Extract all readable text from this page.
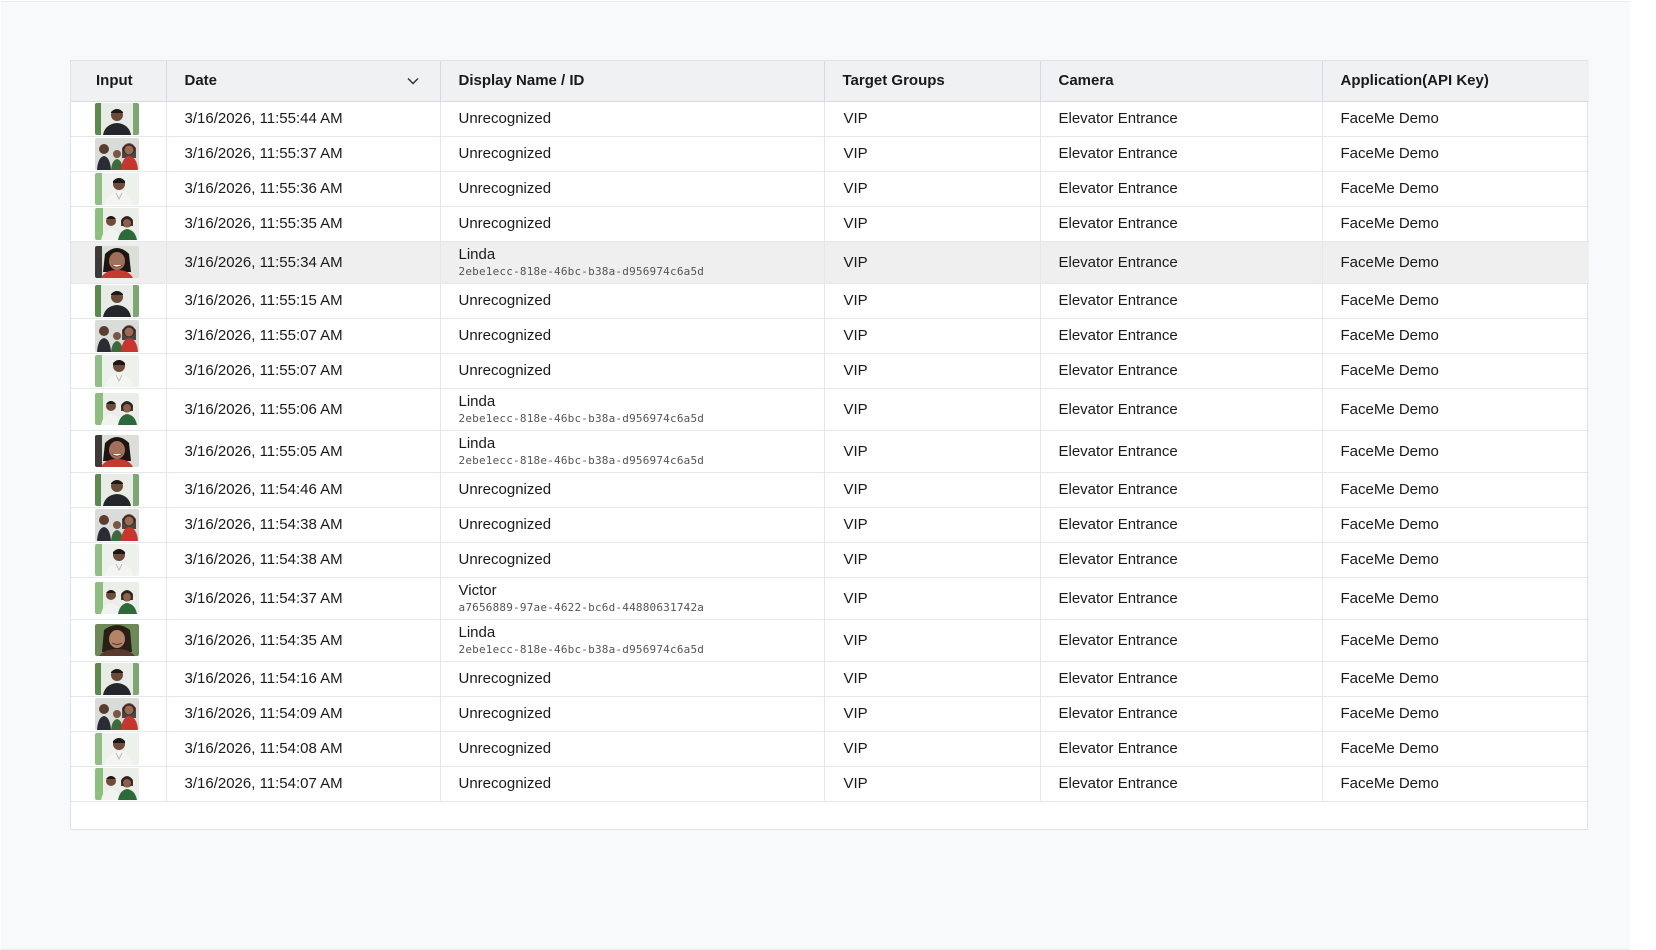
Input	Date	Display Name / ID	Target Groups	Camera	Application(API Key)

	3/16/2026, 11:55:44 AM	Unrecognized	VIP	Elevator Entrance	FaceMe Demo

	3/16/2026, 11:55:37 AM	Unrecognized	VIP	Elevator Entrance	FaceMe Demo

	3/16/2026, 11:55:36 AM	Unrecognized	VIP	Elevator Entrance	FaceMe Demo

	3/16/2026, 11:55:35 AM	Unrecognized	VIP	Elevator Entrance	FaceMe Demo

	3/16/2026, 11:55:34 AM	Linda
2ebe1ecc-818e-46bc-b38a-d956974c6a5d	VIP	Elevator Entrance	FaceMe Demo

	3/16/2026, 11:55:15 AM	Unrecognized	VIP	Elevator Entrance	FaceMe Demo

	3/16/2026, 11:55:07 AM	Unrecognized	VIP	Elevator Entrance	FaceMe Demo

	3/16/2026, 11:55:07 AM	Unrecognized	VIP	Elevator Entrance	FaceMe Demo

	3/16/2026, 11:55:06 AM	Linda
2ebe1ecc-818e-46bc-b38a-d956974c6a5d	VIP	Elevator Entrance	FaceMe Demo

	3/16/2026, 11:55:05 AM	Linda
2ebe1ecc-818e-46bc-b38a-d956974c6a5d	VIP	Elevator Entrance	FaceMe Demo

	3/16/2026, 11:54:46 AM	Unrecognized	VIP	Elevator Entrance	FaceMe Demo

	3/16/2026, 11:54:38 AM	Unrecognized	VIP	Elevator Entrance	FaceMe Demo

	3/16/2026, 11:54:38 AM	Unrecognized	VIP	Elevator Entrance	FaceMe Demo

	3/16/2026, 11:54:37 AM	Victor
a7656889-97ae-4622-bc6d-44880631742a	VIP	Elevator Entrance	FaceMe Demo

	3/16/2026, 11:54:35 AM	Linda
2ebe1ecc-818e-46bc-b38a-d956974c6a5d	VIP	Elevator Entrance	FaceMe Demo

	3/16/2026, 11:54:16 AM	Unrecognized	VIP	Elevator Entrance	FaceMe Demo

	3/16/2026, 11:54:09 AM	Unrecognized	VIP	Elevator Entrance	FaceMe Demo

	3/16/2026, 11:54:08 AM	Unrecognized	VIP	Elevator Entrance	FaceMe Demo

	3/16/2026, 11:54:07 AM	Unrecognized	VIP	Elevator Entrance	FaceMe Demo
